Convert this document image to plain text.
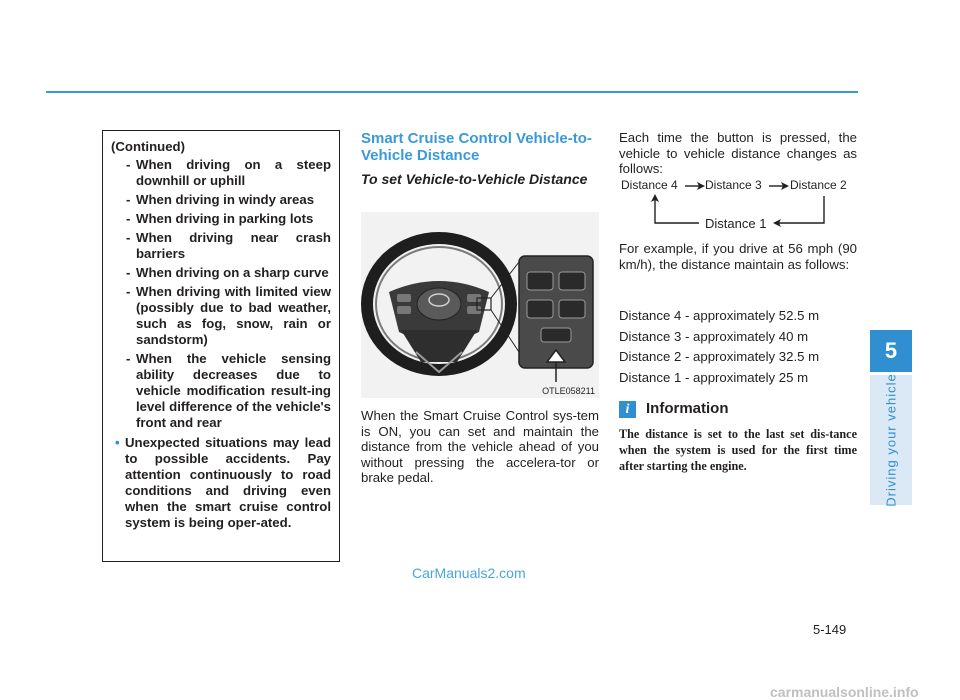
(Continued)
- When driving on a steep downhill or uphill
- When driving in windy areas
- When driving in parking lots
- When driving near crash barriers
- When driving on a sharp curve
- When driving with limited view (possibly due to bad weather, such as fog, snow, rain or sandstorm)
- When the vehicle sensing ability decreases due to vehicle modification result-ing level difference of the vehicle's front and rear
• Unexpected situations may lead to possible accidents. Pay attention continuously to road conditions and driving even when the smart cruise control system is being oper-ated.
Smart Cruise Control Vehicle-to-Vehicle Distance
To set Vehicle-to-Vehicle Distance
When the Smart Cruise Control sys-tem is ON, you can set and maintain the distance from the vehicle ahead of you without pressing the accelera-tor or brake pedal.
OTLE058211
Each time the button is pressed, the vehicle to vehicle distance changes as follows:
Distance 4 Distance 3 Distance 2
Distance 1
For example, if you drive at 56 mph (90 km/h), the distance maintain as follows:
Distance 4 - approximately 52.5 m
Distance 3 - approximately 40 m
Distance 2 - approximately 32.5 m
Distance 1 - approximately 25 m
i	Information
The distance is set to the last set dis-tance when the system is used for the first time after starting the engine.
5
Driving your vehicle
5-149
CarManuals2.com
carmanualsonline.info
